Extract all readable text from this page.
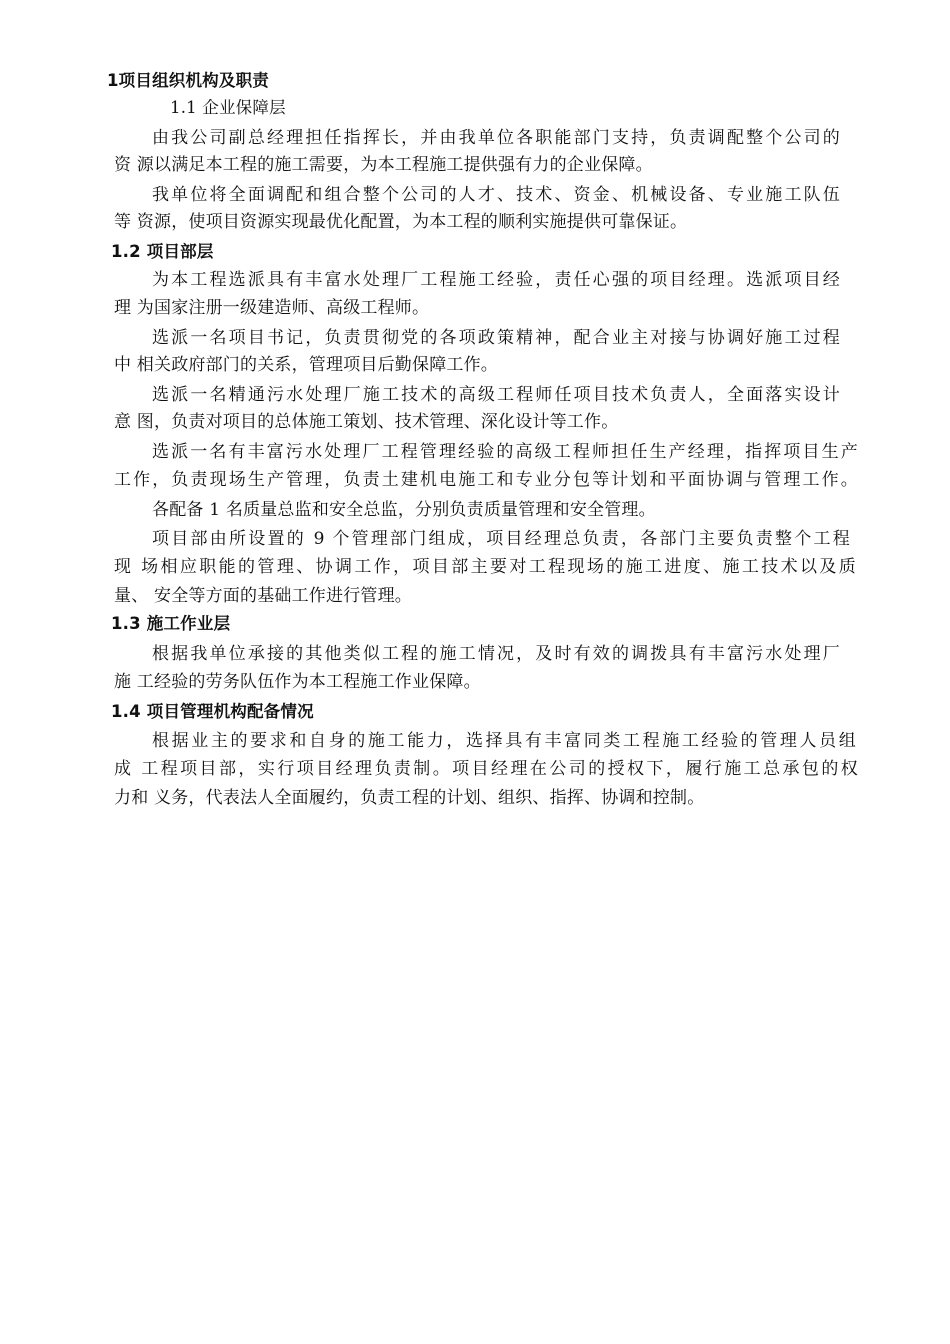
1项目组织机构及职责
1.1 企业保障层
由我公司副总经理担任指挥长，并由我单位各职能部门支持，负责调配整个公司的
资 源以满足本工程的施工需要，为本工程施工提供强有力的企业保障。
我单位将全面调配和组合整个公司的人才、技术、资金、机械设备、专业施工队伍
等 资源，使项目资源实现最优化配置，为本工程的顺利实施提供可靠保证。
1.2 项目部层
为本工程选派具有丰富水处理厂工程施工经验，责任心强的项目经理。选派项目经
理 为国家注册一级建造师、高级工程师。
选派一名项目书记，负责贯彻党的各项政策精神，配合业主对接与协调好施工过程
中 相关政府部门的关系，管理项目后勤保障工作。
选派一名精通污水处理厂施工技术的高级工程师任项目技术负责人，全面落实设计
意 图，负责对项目的总体施工策划、技术管理、深化设计等工作。
选派一名有丰富污水处理厂工程管理经验的高级工程师担任生产经理，指挥项目生产
工作，负责现场生产管理，负责土建机电施工和专业分包等计划和平面协调与管理工作。
各配备 1 名质量总监和安全总监，分别负责质量管理和安全管理。
项目部由所设置的 9 个管理部门组成，项目经理总负责，各部门主要负责整个工程
现 场相应职能的管理、协调工作，项目部主要对工程现场的施工进度、施工技术以及质
量、 安全等方面的基础工作进行管理。
1.3 施工作业层
根据我单位承接的其他类似工程的施工情况，及时有效的调拨具有丰富污水处理厂
施 工经验的劳务队伍作为本工程施工作业保障。
1.4 项目管理机构配备情况
根据业主的要求和自身的施工能力，选择具有丰富同类工程施工经验的管理人员组
成 工程项目部，实行项目经理负责制。项目经理在公司的授权下，履行施工总承包的权
力和 义务，代表法人全面履约，负责工程的计划、组织、指挥、协调和控制。
